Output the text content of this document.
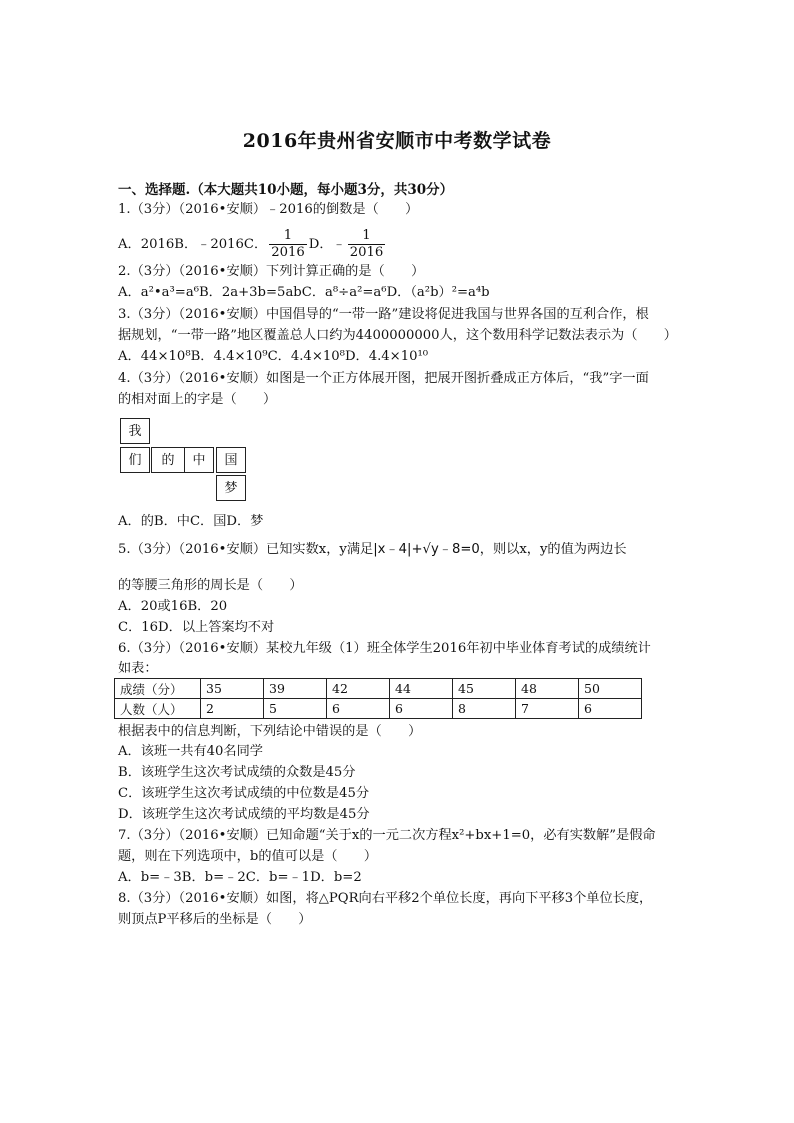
2016年贵州省安顺市中考数学试卷
一、选择题.（本大题共10小题，每小题3分，共30分）
1.（3分）（2016•安顺）﹣2016的倒数是（　　）
A．2016B．﹣2016C． $\frac{1}{2016}$ D．﹣ $\frac{1}{2016}$
2.（3分）（2016•安顺）下列计算正确的是（　　）
A．a²•a³=a⁶B．2a+3b=5abC．a⁸÷a²=a⁶D．（a²b）²=a⁴b
3.（3分）（2016•安顺）中国倡导的“一带一路”建设将促进我国与世界各国的互利合作，根
据规划，“一带一路”地区覆盖总人口约为4400000000人，这个数用科学记数法表示为（　　）
A．44×10⁸B．4.4×10⁹C．4.4×10⁸D．4.4×10¹⁰
4.（3分）（2016•安顺）如图是一个正方体展开图，把展开图折叠成正方体后，“我”字一面
的相对面上的字是（　　）
我
们	的	中	国
梦
A．的B．中C．国D．梦
5.（3分）（2016•安顺）已知实数x，y满足|x﹣4|+√y﹣8=0，则以x，y的值为两边长
的等腰三角形的周长是（　　）
A．20或16B．20
C．16D．以上答案均不对
6.（3分）（2016•安顺）某校九年级（1）班全体学生2016年初中毕业体育考试的成绩统计
如表：
成绩（分）	35	39	42	44	45	48	50
人数（人）	2	5	6	6	8	7	6
根据表中的信息判断，下列结论中错误的是（　　）
A．该班一共有40名同学
B．该班学生这次考试成绩的众数是45分
C．该班学生这次考试成绩的中位数是45分
D．该班学生这次考试成绩的平均数是45分
7.（3分）（2016•安顺）已知命题“关于x的一元二次方程x²+bx+1=0，必有实数解”是假命
题，则在下列选项中，b的值可以是（　　）
A．b=﹣3B．b=﹣2C．b=﹣1D．b=2
8.（3分）（2016•安顺）如图，将△PQR向右平移2个单位长度，再向下平移3个单位长度，
则顶点P平移后的坐标是（　　）
